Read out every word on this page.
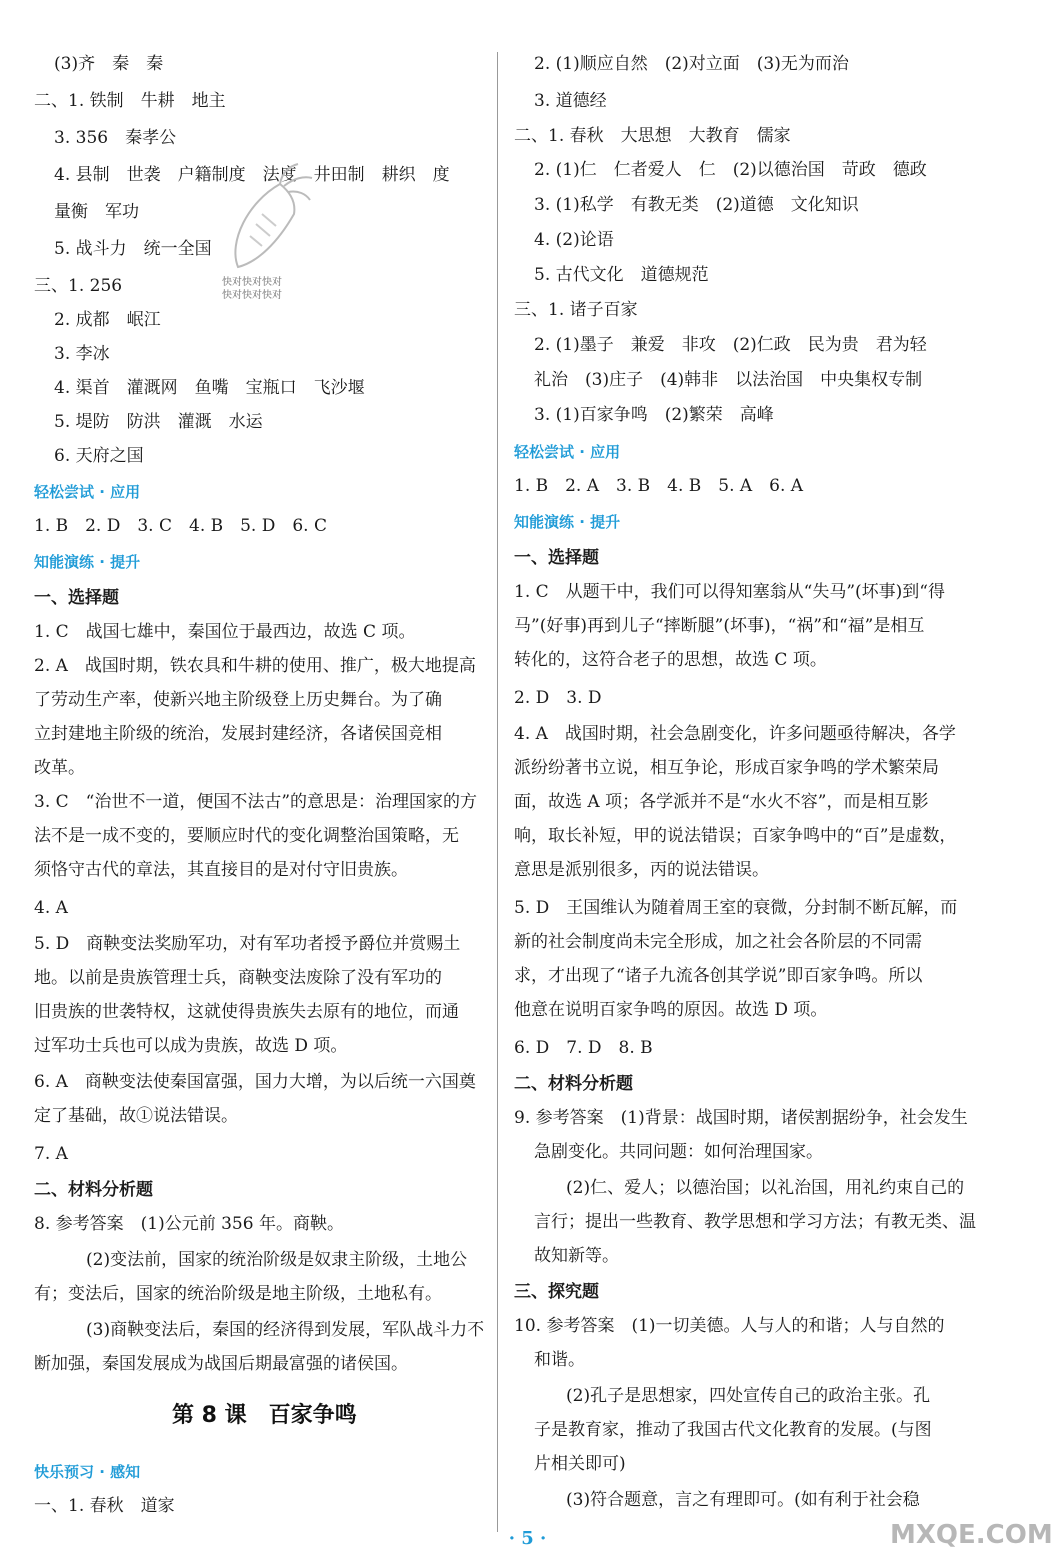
(3)齐　秦　秦
二、1. 铁制　牛耕　地主
3. 356　秦孝公
4. 县制　世袭　户籍制度　法度　井田制　耕织　度
量衡　军功
5. 战斗力　统一全国
三、1. 256
2. 成都　岷江
3. 李冰
4. 渠首　灌溉网　鱼嘴　宝瓶口　飞沙堰
5. 堤防　防洪　灌溉　水运
6. 天府之国
轻松尝试 · 应用
1. B　2. D　3. C　4. B　5. D　6. C
知能演练 · 提升
一、选择题
1. C　战国七雄中，秦国位于最西边，故选 C 项。
2. A　战国时期，铁农具和牛耕的使用、推广，极大地提高
了劳动生产率，使新兴地主阶级登上历史舞台。为了确
立封建地主阶级的统治，发展封建经济，各诸侯国竞相
改革。
3. C　“治世不一道，便国不法古”的意思是：治理国家的方
法不是一成不变的，要顺应时代的变化调整治国策略，无
须恪守古代的章法，其直接目的是对付守旧贵族。
4. A
5. D　商鞅变法奖励军功，对有军功者授予爵位并赏赐土
地。以前是贵族管理士兵，商鞅变法废除了没有军功的
旧贵族的世袭特权，这就使得贵族失去原有的地位，而通
过军功士兵也可以成为贵族，故选 D 项。
6. A　商鞅变法使秦国富强，国力大增，为以后统一六国奠
定了基础，故①说法错误。
7. A
二、材料分析题
8. 参考答案　(1)公元前 356 年。商鞅。
(2)变法前，国家的统治阶级是奴隶主阶级，土地公
有；变法后，国家的统治阶级是地主阶级，土地私有。
(3)商鞅变法后，秦国的经济得到发展，军队战斗力不
断加强，秦国发展成为战国后期最富强的诸侯国。
第 8 课　百家争鸣
快乐预习 · 感知
一、1. 春秋　道家
2. (1)顺应自然　(2)对立面　(3)无为而治
3. 道德经
二、1. 春秋　大思想　大教育　儒家
2. (1)仁　仁者爱人　仁　(2)以德治国　苛政　德政
3. (1)私学　有教无类　(2)道德　文化知识
4. (2)论语
5. 古代文化　道德规范
三、1. 诸子百家
2. (1)墨子　兼爱　非攻　(2)仁政　民为贵　君为轻
礼治　(3)庄子　(4)韩非　以法治国　中央集权专制
3. (1)百家争鸣　(2)繁荣　高峰
轻松尝试 · 应用
1. B　2. A　3. B　4. B　5. A　6. A
知能演练 · 提升
一、选择题
1. C　从题干中，我们可以得知塞翁从“失马”(坏事)到“得
马”(好事)再到儿子“摔断腿”(坏事)，“祸”和“福”是相互
转化的，这符合老子的思想，故选 C 项。
2. D　3. D
4. A　战国时期，社会急剧变化，许多问题亟待解决，各学
派纷纷著书立说，相互争论，形成百家争鸣的学术繁荣局
面，故选 A 项；各学派并不是“水火不容”，而是相互影
响，取长补短，甲的说法错误；百家争鸣中的“百”是虚数，
意思是派别很多，丙的说法错误。
5. D　王国维认为随着周王室的衰微，分封制不断瓦解，而
新的社会制度尚未完全形成，加之社会各阶层的不同需
求，才出现了“诸子九流各创其学说”即百家争鸣。所以
他意在说明百家争鸣的原因。故选 D 项。
6. D　7. D　8. B
二、材料分析题
9. 参考答案　(1)背景：战国时期，诸侯割据纷争，社会发生
急剧变化。共同问题：如何治理国家。
(2)仁、爱人；以德治国；以礼治国，用礼约束自己的
言行；提出一些教育、教学思想和学习方法；有教无类、温
故知新等。
三、探究题
10. 参考答案　(1)一切美德。人与人的和谐；人与自然的
和谐。
(2)孔子是思想家，四处宣传自己的政治主张。孔
子是教育家，推动了我国古代文化教育的发展。(与图
片相关即可)
(3)符合题意，言之有理即可。(如有利于社会稳
快对快对快对
快对快对快对
MXQE.COM
· 5 ·
